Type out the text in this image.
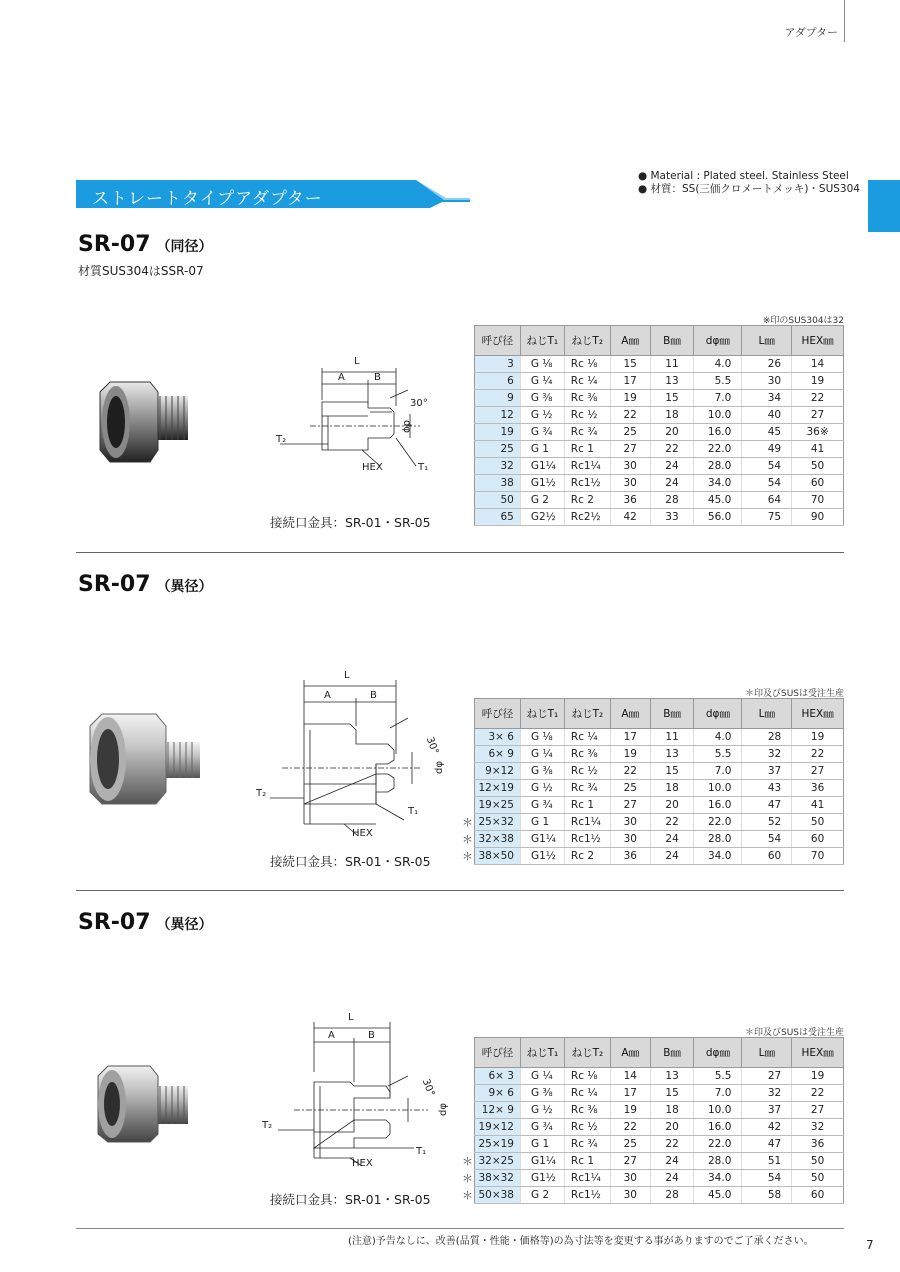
アダプター
ストレートタイプアダプター
● Material : Plated steel. Stainless Steel
● 材質：SS(三価クロメートメッキ)・SUS304
SR-07 （同径）
材質SUS304はSSR-07
L
A	B
30°
dφ
T₂
HEX	T₁
接続口金具：SR-01・SR-05
※印のSUS304は32
呼び径	ねじT₁	ねじT₂	A㎜	B㎜	dφ㎜	L㎜	HEX㎜
3	G ⅛	Rc ⅛	15	11	4.0	26	14
6	G ¼	Rc ¼	17	13	5.5	30	19
9	G ⅜	Rc ⅜	19	15	7.0	34	22
12	G ½	Rc ½	22	18	10.0	40	27
19	G ¾	Rc ¾	25	20	16.0	45	36※
25	G 1	Rc 1	27	22	22.0	49	41
32	G1¼	Rc1¼	30	24	28.0	54	50
38	G1½	Rc1½	30	24	34.0	54	60
50	G 2	Rc 2	36	28	45.0	64	70
65	G2½	Rc2½	42	33	56.0	75	90
SR-07 （異径）
L
A	B
30°
dφ
T₂
HEX
T₁
接続口金具：SR-01・SR-05
＊印及びSUSは受注生産
呼び径	ねじT₁	ねじT₂	A㎜	B㎜	dφ㎜	L㎜	HEX㎜
3× 6	G ⅛	Rc ¼	17	11	4.0	28	19
6× 9	G ¼	Rc ⅜	19	13	5.5	32	22
9×12	G ⅜	Rc ½	22	15	7.0	37	27
12×19	G ½	Rc ¾	25	18	10.0	43	36
19×25	G ¾	Rc 1	27	20	16.0	47	41
25×32	G 1	Rc1¼	30	22	22.0	52	50
32×38	G1¼	Rc1½	30	24	28.0	54	60
38×50	G1½	Rc 2	36	24	34.0	60	70
＊
＊
＊
SR-07 （異径）
L
A	B
30°
dφ
T₂
HEX
T₁
接続口金具：SR-01・SR-05
＊印及びSUSは受注生産
呼び径	ねじT₁	ねじT₂	A㎜	B㎜	dφ㎜	L㎜	HEX㎜
6× 3	G ¼	Rc ⅛	14	13	5.5	27	19
9× 6	G ⅜	Rc ¼	17	15	7.0	32	22
12× 9	G ½	Rc ⅜	19	18	10.0	37	27
19×12	G ¾	Rc ½	22	20	16.0	42	32
25×19	G 1	Rc ¾	25	22	22.0	47	36
32×25	G1¼	Rc 1	27	24	28.0	51	50
38×32	G1½	Rc1¼	30	24	34.0	54	50
50×38	G 2	Rc1½	30	28	45.0	58	60
＊
＊
＊
(注意)予告なしに、改善(品質・性能・価格等)の為寸法等を変更する事がありますのでご了承ください。	7
